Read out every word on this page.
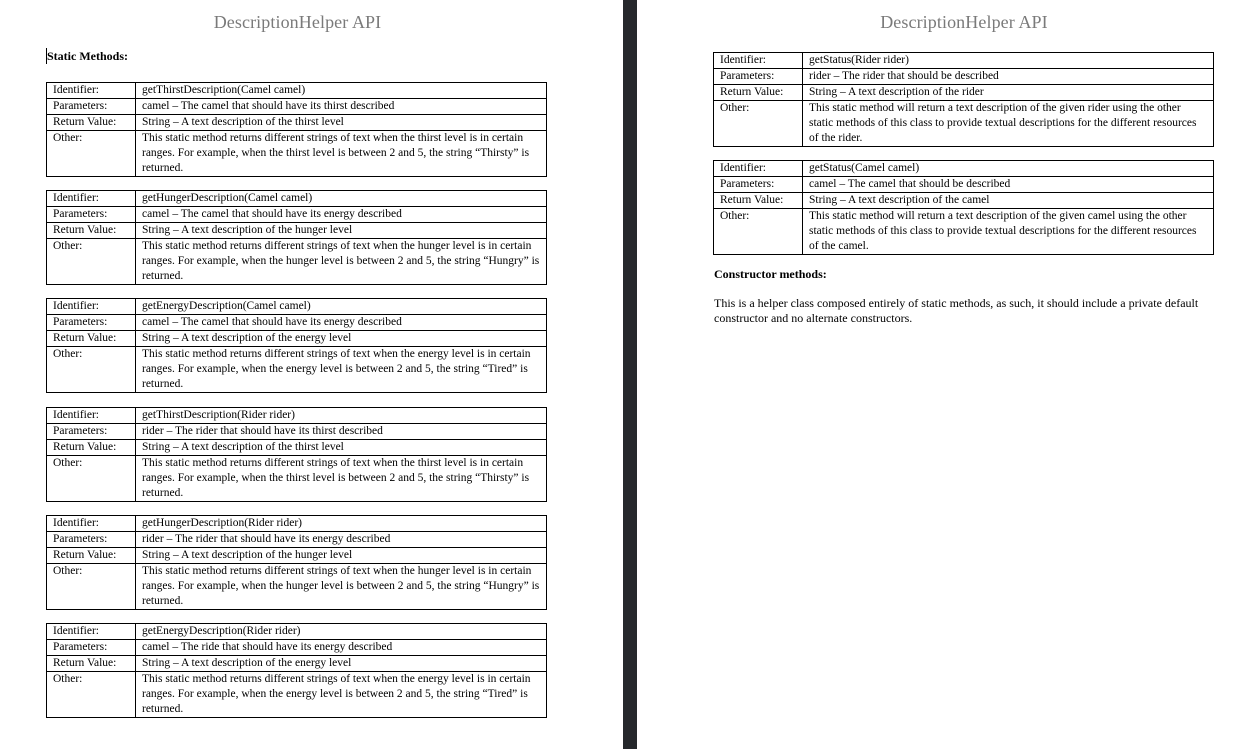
DescriptionHelper API
Static Methods:
Identifier:	getThirstDescription(Camel camel)
Parameters:	camel – The camel that should have its thirst described
Return Value:	String – A text description of the thirst level
Other:	This static method returns different strings of text when the thirst level is in certain ranges. For example, when the thirst level is between 2 and 5, the string “Thirsty” is returned.
Identifier:	getHungerDescription(Camel camel)
Parameters:	camel – The camel that should have its energy described
Return Value:	String – A text description of the hunger level
Other:	This static method returns different strings of text when the hunger level is in certain ranges. For example, when the hunger level is between 2 and 5, the string “Hungry” is returned.
Identifier:	getEnergyDescription(Camel camel)
Parameters:	camel – The camel that should have its energy described
Return Value:	String – A text description of the energy level
Other:	This static method returns different strings of text when the energy level is in certain ranges. For example, when the energy level is between 2 and 5, the string “Tired” is returned.
Identifier:	getThirstDescription(Rider rider)
Parameters:	rider – The rider that should have its thirst described
Return Value:	String – A text description of the thirst level
Other:	This static method returns different strings of text when the thirst level is in certain ranges. For example, when the thirst level is between 2 and 5, the string “Thirsty” is returned.
Identifier:	getHungerDescription(Rider rider)
Parameters:	rider – The rider that should have its energy described
Return Value:	String – A text description of the hunger level
Other:	This static method returns different strings of text when the hunger level is in certain ranges. For example, when the hunger level is between 2 and 5, the string “Hungry” is returned.
Identifier:	getEnergyDescription(Rider rider)
Parameters:	camel – The ride that should have its energy described
Return Value:	String – A text description of the energy level
Other:	This static method returns different strings of text when the energy level is in certain ranges. For example, when the energy level is between 2 and 5, the string “Tired” is returned.
DescriptionHelper API
Identifier:	getStatus(Rider rider)
Parameters:	rider – The rider that should be described
Return Value:	String – A text description of the rider
Other:	This static method will return a text description of the given rider using the other static methods of this class to provide textual descriptions for the different resources of the rider.
Identifier:	getStatus(Camel camel)
Parameters:	camel – The camel that should be described
Return Value:	String – A text description of the camel
Other:	This static method will return a text description of the given camel using the other static methods of this class to provide textual descriptions for the different resources of the camel.
Constructor methods:
This is a helper class composed entirely of static methods, as such, it should include a private default constructor and no alternate constructors.
